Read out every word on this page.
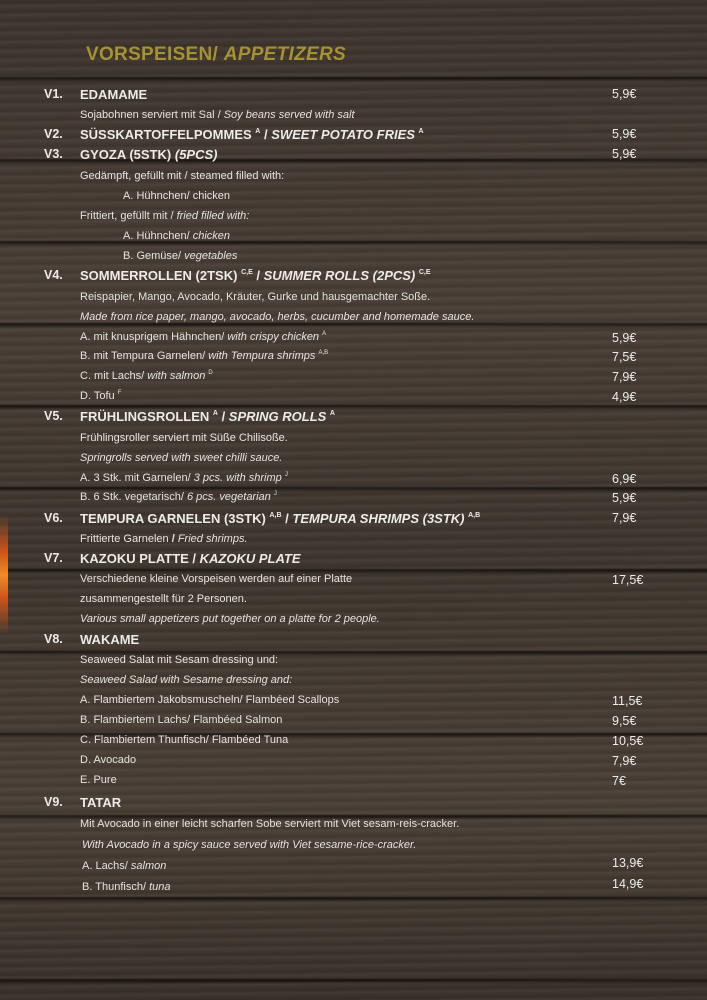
VORSPEISEN/ APPETIZERS
V1. EDAMAME	5,9€
Sojabohnen serviert mit Sal / Soy beans served with salt
V2. SÜSSKARTOFFELPOMMES $^A$ / SWEET POTATO FRIES $^A$	5,9€
V3. GYOZA (5STK) (5PCS)	5,9€
Gedämpft, gefüllt mit / steamed filled with:
A. Hühnchen/ chicken
Frittiert, gefüllt mit / fried filled with:
A. Hühnchen/ chicken
B. Gemüse/ vegetables
V4. SOMMERROLLEN (2TSK) $^{C,E}$ / SUMMER ROLLS (2PCS) $^{C,E}$
Reispapier, Mango, Avocado, Kräuter, Gurke und hausgemachter Soße.
Made from rice paper, mango, avocado, herbs, cucumber and homemade sauce.
A. mit knusprigem Hähnchen/ with crispy chicken $^A$	5,9€
B. mit Tempura Garnelen/ with Tempura shrimps $^{A,B}$	7,5€
C. mit Lachs/ with salmon $^D$	7,9€
D. Tofu $^F$	4,9€
V5. FRÜHLINGSROLLEN $^A$ / SPRING ROLLS $^A$
Frühlingsroller serviert mit Süße Chilisoße.
Springrolls served with sweet chilli sauce.
A. 3 Stk. mit Garnelen/ 3 pcs. with shrimp $^J$	6,9€
B. 6 Stk. vegetarisch/ 6 pcs. vegetarian $^J$	5,9€
V6. TEMPURA GARNELEN (3STK) $^{A,B}$ / TEMPURA SHRIMPS (3STK) $^{A,B}$	7,9€
Frittierte Garnelen / Fried shrimps.
V7. KAZOKU PLATTE / KAZOKU PLATE
Verschiedene kleine Vorspeisen werden auf einer Platte	17,5€
zusammengestellt für 2 Personen.
Various small appetizers put together on a platte for 2 people.
V8. WAKAME
Seaweed Salat mit Sesam dressing und:
Seaweed Salad with Sesame dressing and:
A. Flambiertem Jakobsmuscheln/ Flambéed Scallops	11,5€
B. Flambiertem Lachs/ Flambéed Salmon	9,5€
C. Flambiertem Thunfisch/ Flambéed Tuna	10,5€
D. Avocado	7,9€
E. Pure	7€
V9. TATAR
Mit Avocado in einer leicht scharfen Sobe serviert mit Viet sesam-reis-cracker.
With Avocado in a spicy sauce served with Viet sesame-rice-cracker.
A. Lachs/ salmon	13,9€
B. Thunfisch/ tuna	14,9€
